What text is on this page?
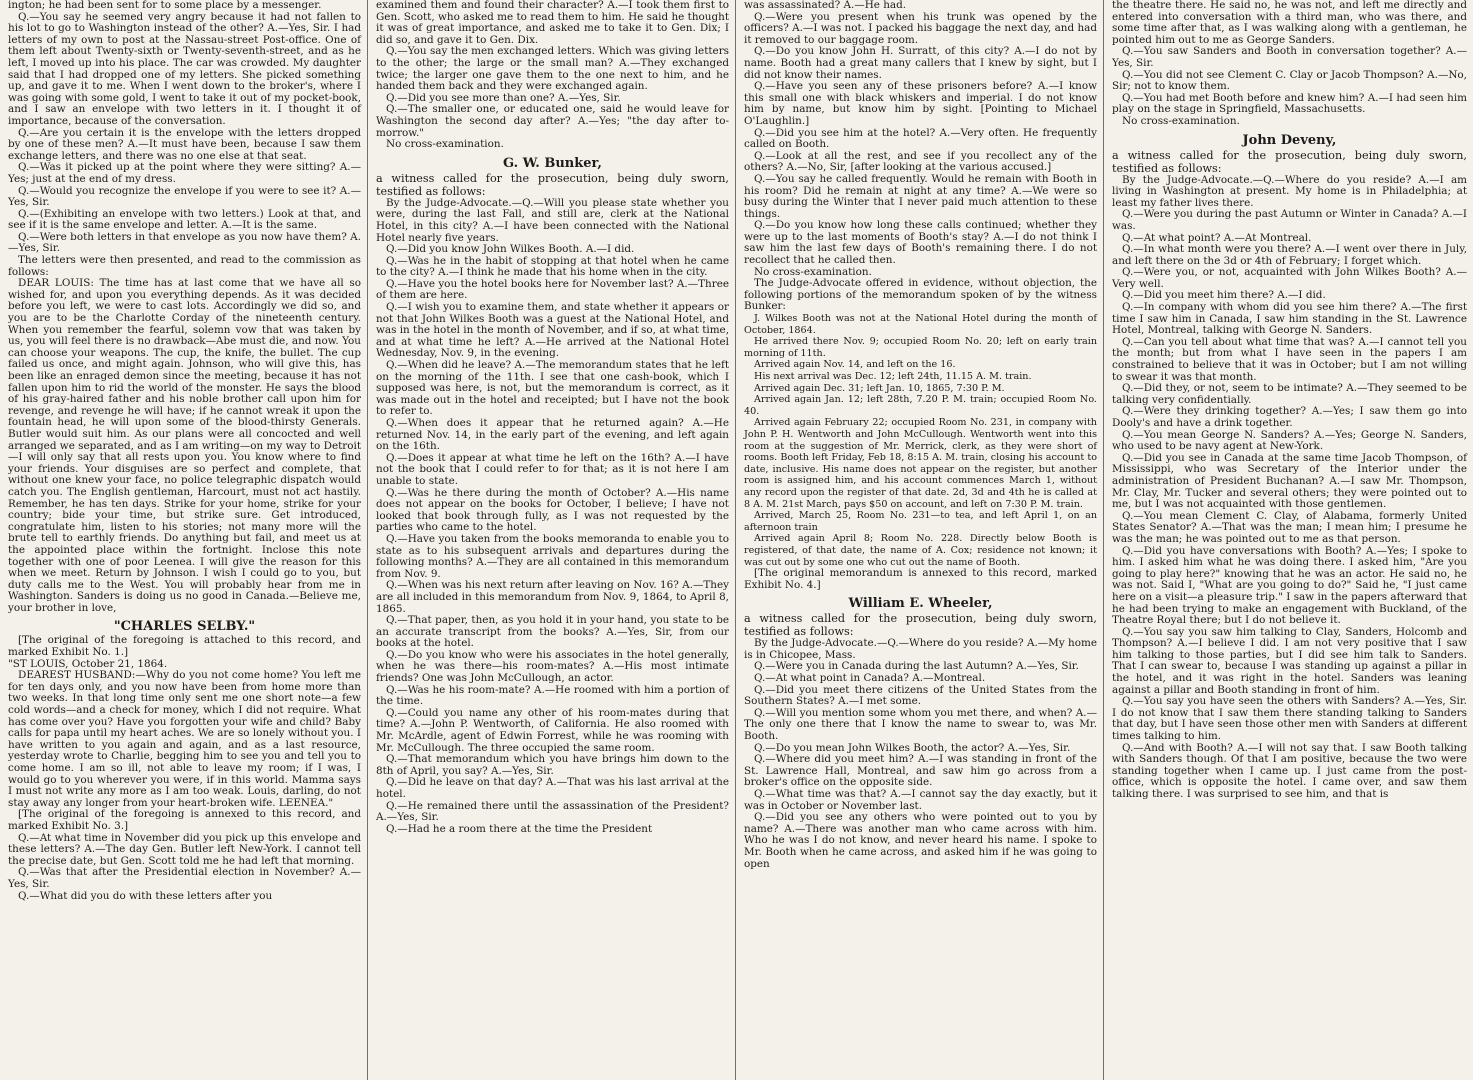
ington; he had been sent for to some place by a messenger.

Q.—You say he seemed very angry because it had not fallen to his lot to go to Washington instead of the other? A.—Yes, Sir. I had letters of my own to post at the Nassau-street Post-office. One of them left about Twenty-sixth or Twenty-seventh-street, and as he left, I moved up into his place. The car was crowded. My daughter said that I had dropped one of my letters. She picked something up, and gave it to me. When I went down to the broker's, where I was going with some gold, I went to take it out of my pocket-book, and I saw an envelope with two letters in it. I thought it of importance, because of the conversation.

Q.—Are you certain it is the envelope with the letters dropped by one of these men? A.—It must have been, because I saw them exchange letters, and there was no one else at that seat.

Q.—Was it picked up at the point where they were sitting? A.—Yes; just at the end of my dress.

Q.—Would you recognize the envelope if you were to see it? A.—Yes, Sir.

Q.—(Exhibiting an envelope with two letters.) Look at that, and see if it is the same envelope and letter. A.—It is the same.

Q.—Were both letters in that envelope as you now have them? A.—Yes, Sir.

The letters were then presented, and read to the commission as follows:

DEAR LOUIS: The time has at last come that we have all so wished for, and upon you everything depends. As it was decided before you left, we were to cast lots. Accordingly we did so, and you are to be the Charlotte Corday of the nineteenth century. When you remember the fearful, solemn vow that was taken by us, you will feel there is no drawback—Abe must die, and now. You can choose your weapons. The cup, the knife, the bullet. The cup failed us once, and might again. Johnson, who will give this, has been like an enraged demon since the meeting, because it has not fallen upon him to rid the world of the monster. He says the blood of his gray-haired father and his noble brother call upon him for revenge, and revenge he will have; if he cannot wreak it upon the fountain head, he will upon some of the blood-thirsty Generals. Butler would suit him. As our plans were all concocted and well arranged we separated, and as I am writing—on my way to Detroit—I will only say that all rests upon you. You know where to find your friends. Your disguises are so perfect and complete, that without one knew your face, no police telegraphic dispatch would catch you. The English gentleman, Harcourt, must not act hastily. Remember, he has ten days. Strike for your home, strike for your country; bide your time, but strike sure. Get introduced, congratulate him, listen to his stories; not many more will the brute tell to earthly friends. Do anything but fail, and meet us at the appointed place within the fortnight. Inclose this note together with one of poor Leenea. I will give the reason for this when we meet. Return by Johnson. I wish I could go to you, but duty calls me to the West. You will probably hear from me in Washington. Sanders is doing us no good in Canada.—Believe me, your brother in love,

"CHARLES SELBY."

[The original of the foregoing is attached to this record, and marked Exhibit No. 1.]

"ST LOUIS, October 21, 1864.

DEAREST HUSBAND:—Why do you not come home? You left me for ten days only, and you now have been from home more than two weeks. In that long time only sent me one short note—a few cold words—and a check for money, which I did not require. What has come over you? Have you forgotten your wife and child? Baby calls for papa until my heart aches. We are so lonely without you. I have written to you again and again, and as a last resource, yesterday wrote to Charlie, begging him to see you and tell you to come home. I am so ill, not able to leave my room; if I was, I would go to you wherever you were, if in this world. Mamma says I must not write any more as I am too weak. Louis, darling, do not stay away any longer from your heart-broken wife. LEENEA."

[The original of the foregoing is annexed to this record, and marked Exhibit No. 3.]

Q.—At what time in November did you pick up this envelope and these letters? A.—The day Gen. Butler left New-York. I cannot tell the precise date, but Gen. Scott told me he had left that morning.

Q.—Was that after the Presidential election in November? A.—Yes, Sir.

Q.—What did you do with these letters after you

examined them and found their character? A.—I took them first to Gen. Scott, who asked me to read them to him. He said he thought it was of great importance, and asked me to take it to Gen. Dix; I did so, and gave it to Gen. Dix.

Q.—You say the men exchanged letters. Which was giving letters to the other; the large or the small man? A.—They exchanged twice; the larger one gave them to the one next to him, and he handed them back and they were exchanged again.

Q.—Did you see more than one? A.—Yes, Sir.

Q.—The smaller one, or educated one, said he would leave for Washington the second day after? A.—Yes; "the day after to-morrow."

No cross-examination.

G. W. Bunker,

a witness called for the prosecution, being duly sworn, testified as follows:

By the Judge-Advocate.—Q.—Will you please state whether you were, during the last Fall, and still are, clerk at the National Hotel, in this city? A.—I have been connected with the National Hotel nearly five years.

Q.—Did you know John Wilkes Booth. A.—I did.

Q.—Was he in the habit of stopping at that hotel when he came to the city? A.—I think he made that his home when in the city.

Q.—Have you the hotel books here for November last? A.—Three of them are here.

Q.—I wish you to examine them, and state whether it appears or not that John Wilkes Booth was a guest at the National Hotel, and was in the hotel in the month of November, and if so, at what time, and at what time he left? A.—He arrived at the National Hotel Wednesday, Nov. 9, in the evening.

Q.—When did he leave? A.—The memorandum states that he left on the morning of the 11th. I see that one cash-book, which I supposed was here, is not, but the memorandum is correct, as it was made out in the hotel and receipted; but I have not the book to refer to.

Q.—When does it appear that he returned again? A.—He returned Nov. 14, in the early part of the evening, and left again on the 16th.

Q.—Does it appear at what time he left on the 16th? A.—I have not the book that I could refer to for that; as it is not here I am unable to state.

Q.—Was he there during the month of October? A.—His name does not appear on the books for October, I believe; I have not looked that book through fully, as I was not requested by the parties who came to the hotel.

Q.—Have you taken from the books memoranda to enable you to state as to his subsequent arrivals and departures during the following months? A.—They are all contained in this memorandum from Nov. 9.

Q.—When was his next return after leaving on Nov. 16? A.—They are all included in this memorandum from Nov. 9, 1864, to April 8, 1865.

Q.—That paper, then, as you hold it in your hand, you state to be an accurate transcript from the books? A.—Yes, Sir, from our books at the hotel.

Q.—Do you know who were his associates in the hotel generally, when he was there—his room-mates? A.—His most intimate friends? One was John McCullough, an actor.

Q.—Was he his room-mate? A.—He roomed with him a portion of the time.

Q.—Could you name any other of his room-mates during that time? A.—John P. Wentworth, of California. He also roomed with Mr. McArdle, agent of Edwin Forrest, while he was rooming with Mr. McCullough. The three occupied the same room.

Q.—That memorandum which you have brings him down to the 8th of April, you say? A.—Yes, Sir.

Q.—Did he leave on that day? A.—That was his last arrival at the hotel.

Q.—He remained there until the assassination of the President? A.—Yes, Sir.

Q.—Had he a room there at the time the President

was assassinated? A.—He had.

Q.—Were you present when his trunk was opened by the officers? A.—I was not. I packed his baggage the next day, and had it removed to our baggage room.

Q.—Do you know John H. Surratt, of this city? A.—I do not by name. Booth had a great many callers that I knew by sight, but I did not know their names.

Q.—Have you seen any of these prisoners before? A.—I know this small one with black whiskers and imperial. I do not know him by name, but know him by sight. [Pointing to Michael O'Laughlin.]

Q.—Did you see him at the hotel? A.—Very often. He frequently called on Booth.

Q.—Look at all the rest, and see if you recollect any of the others? A.—No, Sir, [after looking at the various accused.]

Q.—You say he called frequently. Would he remain with Booth in his room? Did he remain at night at any time? A.—We were so busy during the Winter that I never paid much attention to these things.

Q.—Do you know how long these calls continued; whether they were up to the last moments of Booth's stay? A.—I do not think I saw him the last few days of Booth's remaining there. I do not recollect that he called then.

No cross-examination.

The Judge-Advocate offered in evidence, without objection, the following portions of the memorandum spoken of by the witness Bunker:

J. Wilkes Booth was not at the National Hotel during the month of October, 1864.

He arrived there Nov. 9; occupied Room No. 20; left on early train morning of 11th.

Arrived again Nov. 14, and left on the 16.

His next arrival was Dec. 12; left 24th, 11.15 A. M. train.

Arrived again Dec. 31; left Jan. 10, 1865, 7:30 P. M.

Arrived again Jan. 12; left 28th, 7.20 P. M. train; occupied Room No. 40.

Arrived again February 22; occupied Room No. 231, in company with John P. H. Wentworth and John McCullough. Wentworth went into this room at the suggestion of Mr. Merrick, clerk, as they were short of rooms. Booth left Friday, Feb 18, 8:15 A. M. train, closing his account to date, inclusive. His name does not appear on the register, but another room is assigned him, and his account commences March 1, without any record upon the register of that date. 2d, 3d and 4th he is called at 8 A. M. 21st March, pays $50 on account, and left on 7:30 P. M. train.

Arrived, March 25, Room No. 231—to tea, and left April 1, on an afternoon train

Arrived again April 8; Room No. 228. Directly below Booth is registered, of that date, the name of A. Cox; residence not known; it was cut out by some one who cut out the name of Booth.

[The original memorandum is annexed to this record, marked Exhibit No. 4.]

William E. Wheeler,

a witness called for the prosecution, being duly sworn, testified as follows:

By the Judge-Advocate.—Q.—Where do you reside? A.—My home is in Chicopee, Mass.

Q.—Were you in Canada during the last Autumn? A.—Yes, Sir.

Q.—At what point in Canada? A.—Montreal.

Q.—Did you meet there citizens of the United States from the Southern States? A.—I met some.

Q.—Will you mention some whom you met there, and when? A.—The only one there that I know the name to swear to, was Mr. Booth.

Q.—Do you mean John Wilkes Booth, the actor? A.—Yes, Sir.

Q.—Where did you meet him? A.—I was standing in front of the St. Lawrence Hall, Montreal, and saw him go across from a broker's office on the opposite side.

Q.—What time was that? A.—I cannot say the day exactly, but it was in October or November last.

Q.—Did you see any others who were pointed out to you by name? A.—There was another man who came across with him. Who he was I do not know, and never heard his name. I spoke to Mr. Booth when he came across, and asked him if he was going to open

the theatre there. He said no, he was not, and left me directly and entered into conversation with a third man, who was there, and some time after that, as I was walking along with a gentleman, he pointed him out to me as George Sanders.

Q.—You saw Sanders and Booth in conversation together? A.—Yes, Sir.

Q.—You did not see Clement C. Clay or Jacob Thompson? A.—No, Sir; not to know them.

Q.—You had met Booth before and knew him? A.—I had seen him play on the stage in Springfield, Massachusetts.

No cross-examination.

John Deveny,

a witness called for the prosecution, being duly sworn, testified as follows:

By the Judge-Advocate.—Q.—Where do you reside? A.—I am living in Washington at present. My home is in Philadelphia; at least my father lives there.

Q.—Were you during the past Autumn or Winter in Canada? A.—I was.

Q.—At what point? A.—At Montreal.

Q.—In what month were you there? A.—I went over there in July, and left there on the 3d or 4th of February; I forget which.

Q.—Were you, or not, acquainted with John Wilkes Booth? A.—Very well.

Q.—Did you meet him there? A.—I did.

Q.—In company with whom did you see him there? A.—The first time I saw him in Canada, I saw him standing in the St. Lawrence Hotel, Montreal, talking with George N. Sanders.

Q.—Can you tell about what time that was? A.—I cannot tell you the month; but from what I have seen in the papers I am constrained to believe that it was in October; but I am not willing to swear it was that month.

Q.—Did they, or not, seem to be intimate? A.—They seemed to be talking very confidentially.

Q.—Were they drinking together? A.—Yes; I saw them go into Dooly's and have a drink together.

Q.—You mean George N. Sanders? A.—Yes; George N. Sanders, who used to be navy agent at New-York.

Q.—Did you see in Canada at the same time Jacob Thompson, of Mississippi, who was Secretary of the Interior under the administration of President Buchanan? A.—I saw Mr. Thompson, Mr. Clay, Mr. Tucker and several others; they were pointed out to me, but I was not acquainted with those gentlemen.

Q.—You mean Clement C. Clay, of Alabama, formerly United States Senator? A.—That was the man; I mean him; I presume he was the man; he was pointed out to me as that person.

Q.—Did you have conversations with Booth? A.—Yes; I spoke to him. I asked him what he was doing there. I asked him, "Are you going to play here?" knowing that he was an actor. He said no, he was not. Said I, "What are you going to do?" Said he, "I just came here on a visit—a pleasure trip." I saw in the papers afterward that he had been trying to make an engagement with Buckland, of the Theatre Royal there; but I do not believe it.

Q.—You say you saw him talking to Clay, Sanders, Holcomb and Thompson? A.—I believe I did. I am not very positive that I saw him talking to those parties, but I did see him talk to Sanders. That I can swear to, because I was standing up against a pillar in the hotel, and it was right in the hotel. Sanders was leaning against a pillar and Booth standing in front of him.

Q.—You say you have seen the others with Sanders? A.—Yes, Sir. I do not know that I saw them there standing talking to Sanders that day, but I have seen those other men with Sanders at different times talking to him.

Q.—And with Booth? A.—I will not say that. I saw Booth talking with Sanders though. Of that I am positive, because the two were standing together when I came up. I just came from the post-office, which is opposite the hotel. I came over, and saw them talking there. I was surprised to see him, and that is
